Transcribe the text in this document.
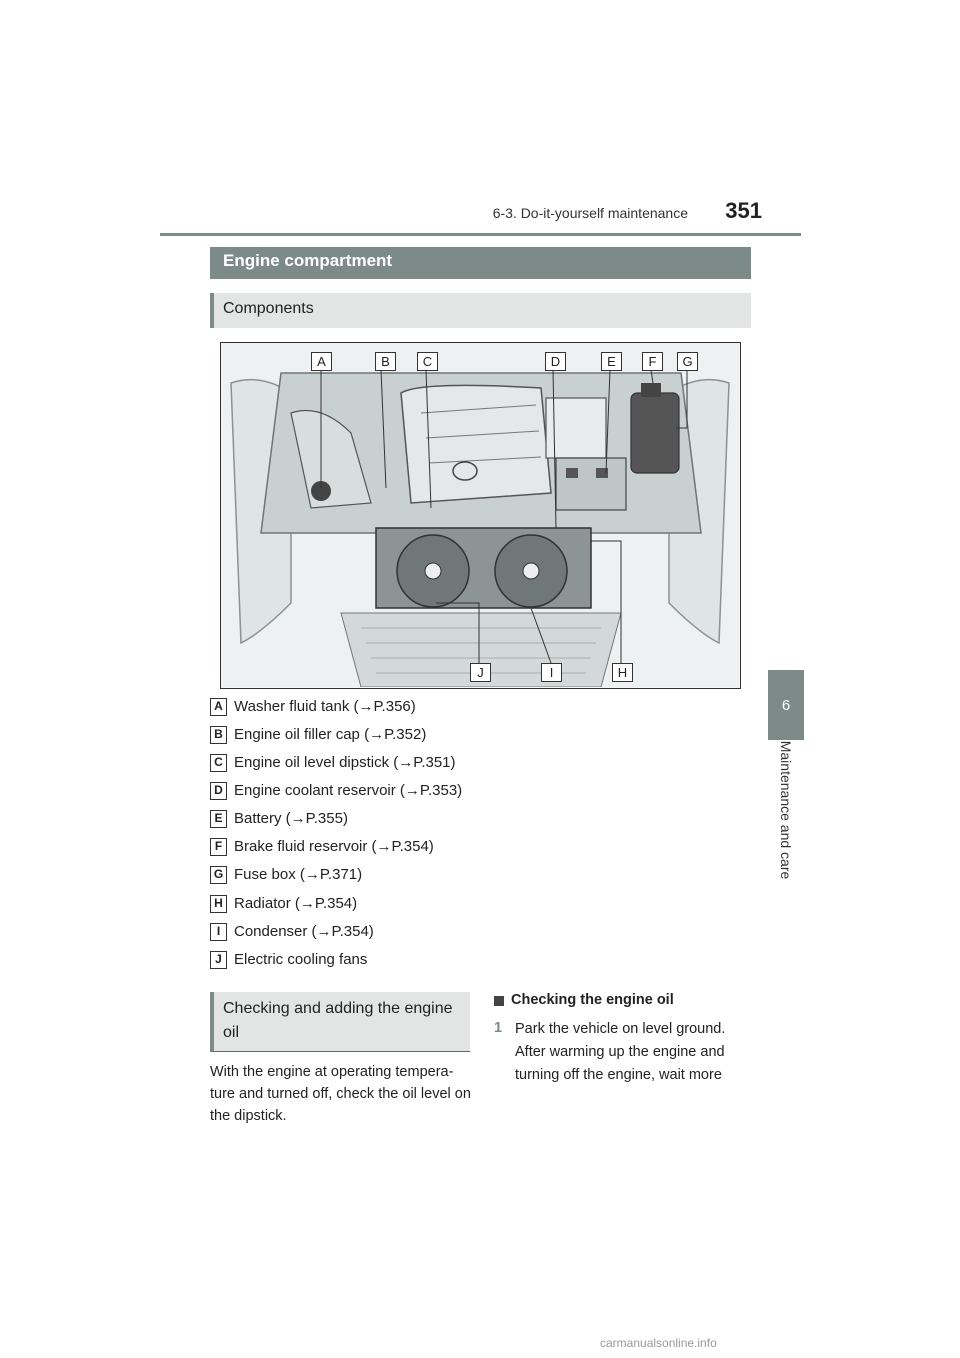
6-3. Do-it-yourself maintenance	351
6
Maintenance and care
Engine compartment
Components
A	B	C	D	E	F	G
J	I	H
A Washer fluid tank (→P.356)
B Engine oil filler cap (→P.352)
C Engine oil level dipstick (→P.351)
D Engine coolant reservoir (→P.353)
E Battery (→P.355)
F Brake fluid reservoir (→P.354)
G Fuse box (→P.371)
H Radiator (→P.354)
I Condenser (→P.354)
J Electric cooling fans
Checking and adding the engine oil
With the engine at operating tempera-ture and turned off, check the oil level on the dipstick.
Checking the engine oil
1 Park the vehicle on level ground. After warming up the engine and turning off the engine, wait more
carmanualsonline.info
